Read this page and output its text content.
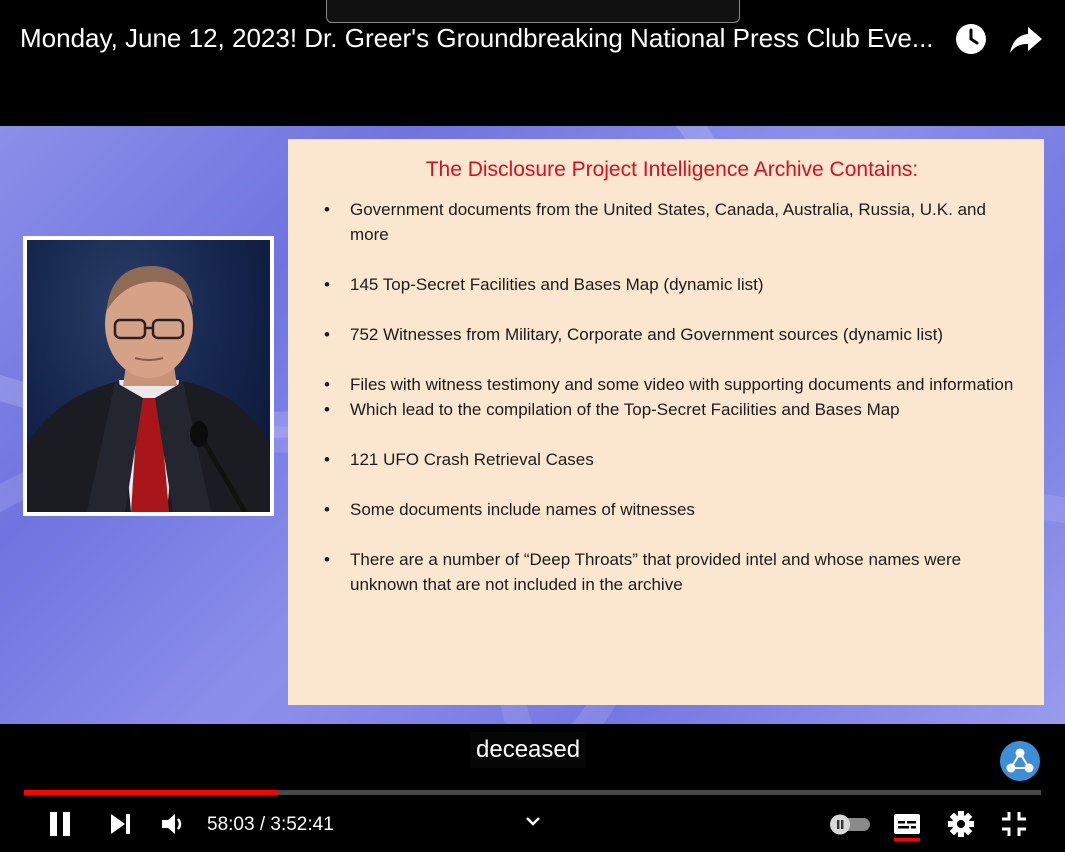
Monday, June 12, 2023! Dr. Greer's Groundbreaking National Press Club Eve...
The Disclosure Project Intelligence Archive Contains:
• Government documents from the United States, Canada, Australia, Russia, U.K. and more
• 145 Top-Secret Facilities and Bases Map (dynamic list)
• 752 Witnesses from Military, Corporate and Government sources (dynamic list)
• Files with witness testimony and some video with supporting documents and information
• Which lead to the compilation of the Top-Secret Facilities and Bases Map
• 121 UFO Crash Retrieval Cases
• Some documents include names of witnesses
• There are a number of “Deep Throats” that provided intel and whose names were unknown that are not included in the archive
deceased
58:03 / 3:52:41
